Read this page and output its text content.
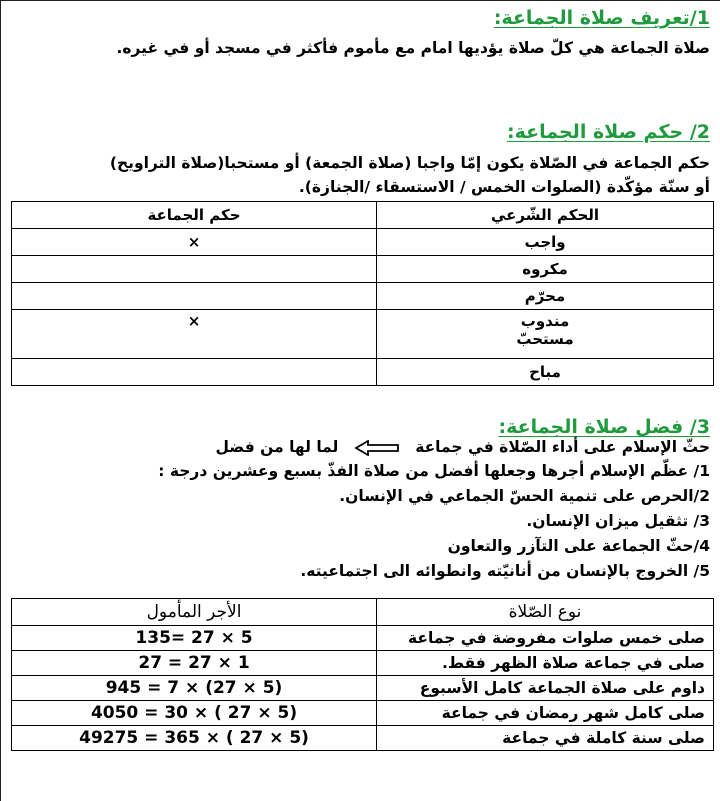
1/تعريف صلاة الجماعة:
صلاة الجماعة هي كلّ صلاة يؤديها امام مع مأموم فأكثر في مسجد أو في غيره.
2/ حكم صلاة الجماعة:
حكم الجماعة في الصّلاة يكون إمّا واجبا (صلاة الجمعة) أو مستحبا(صلاة التراويح)
أو سنّة مؤكّدة (الصلوات الخمس / الاستسقاء /الجنازة).
الحكم الشّرعي	حكم الجماعة
واجب	×
مكروه	
محرّم	

مندوب
مستحبّ	×

مباح	
3/ فضل صلاة الجماعة:
حثّ الإسلام على أداء الصّلاة في جماعة  لما لها من فضل
1/ عظّم الإسلام أجرها وجعلها أفضل من صلاة الفذّ بسبع وعشرين درجة :
2/الحرص على تنمية الحسّ الجماعي في الإنسان.
3/ تثقيل ميزان الإنسان.
4/حثّ الجماعة على التآزر والتعاون
5/ الخروج بالإنسان من أنانيّته وانطوائه الى اجتماعيته.
نوع الصّلاة	الأجر المأمول
صلى خمس صلوات مفروضة في جماعة	135= 27 × 5
صلى في جماعة صلاة الظهر فقط.	27 = 27 × 1
داوم على صلاة الجماعة كامل الأسبوع	945 = 7 × (27 × 5)
صلى كامل شهر رمضان في جماعة	4050 = 30 × ( 27 × 5)
صلى سنة كاملة في جماعة	49275 = 365 × ( 27 × 5)
